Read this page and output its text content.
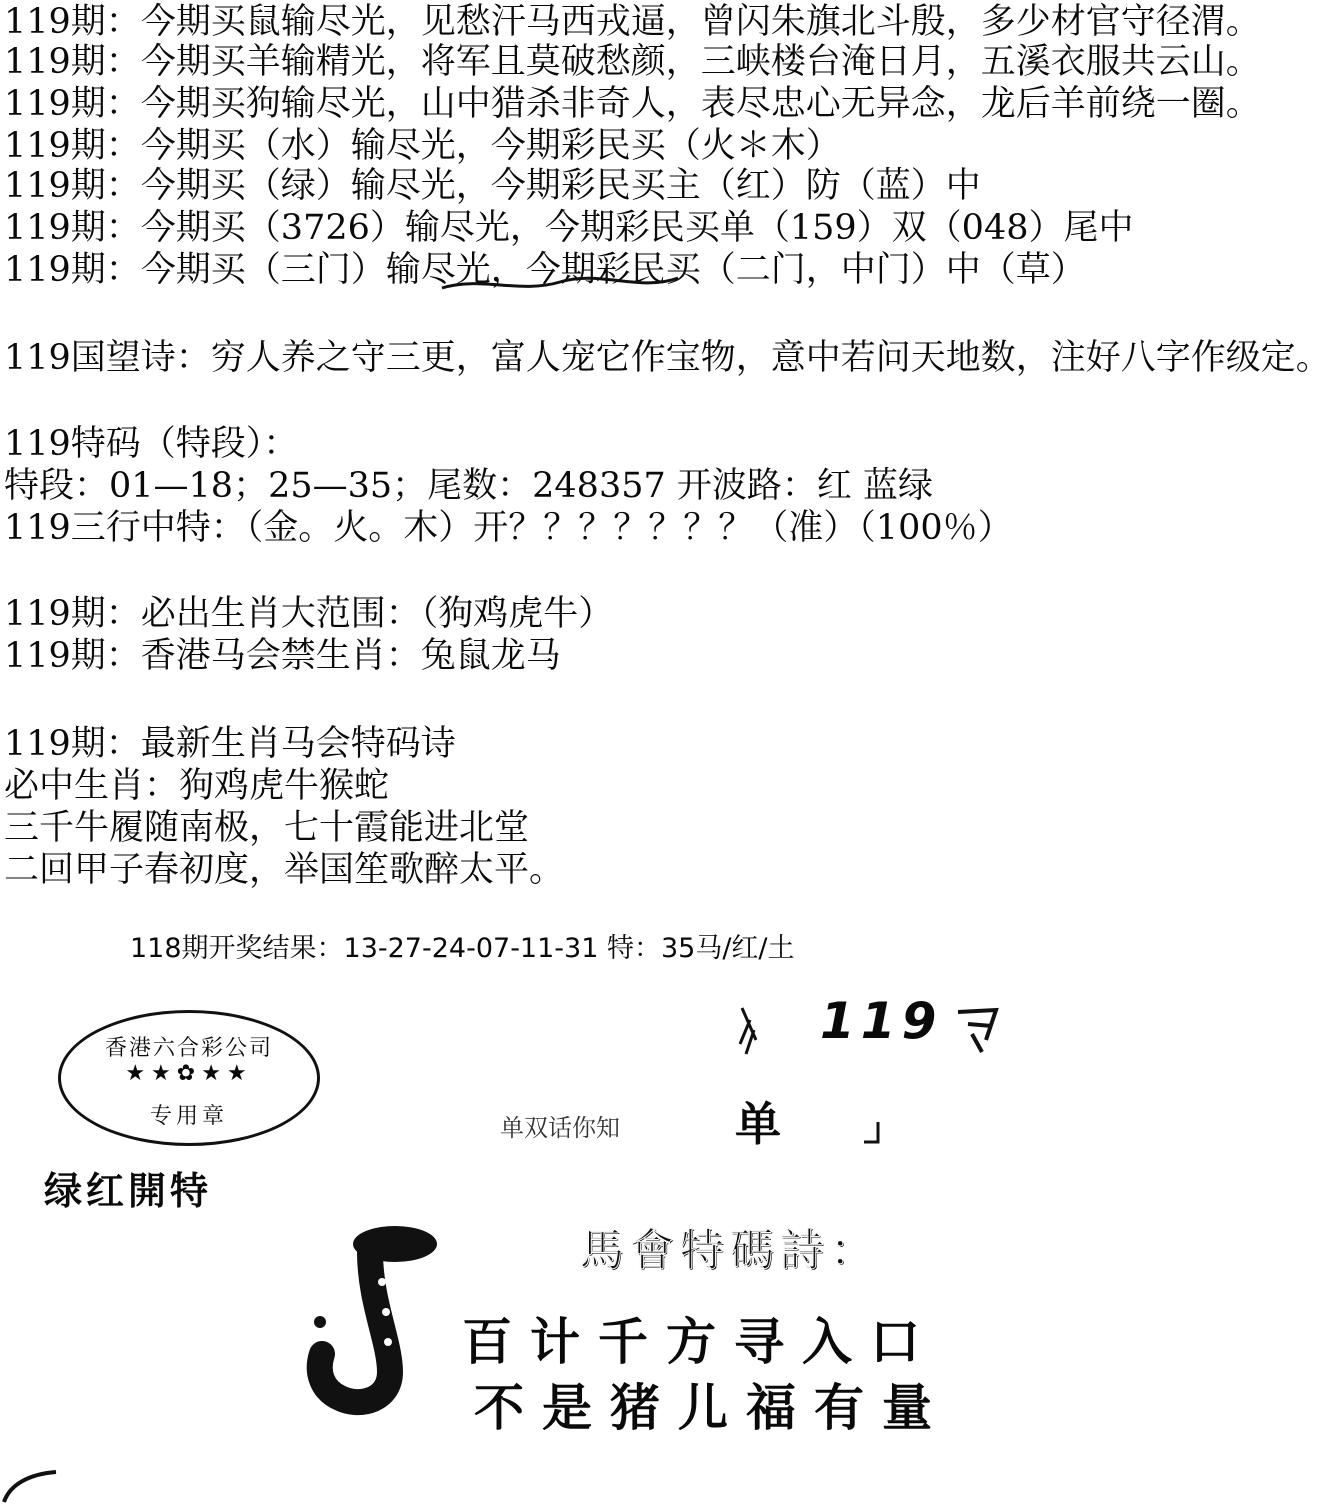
119期：今期买鼠输尽光，见愁汗马西戎逼，曾闪朱旗北斗殷，多少材官守径渭。
119期：今期买羊输精光，将军且莫破愁颜，三峡楼台淹日月，五溪衣服共云山。
119期：今期买狗输尽光，山中猎杀非奇人，表尽忠心无异念，龙后羊前绕一圈。
119期：今期买（水）输尽光，今期彩民买（火＊木）
119期：今期买（绿）输尽光，今期彩民买主（红）防（蓝）中
119期：今期买（3726）输尽光，今期彩民买单（159）双（048）尾中
119期：今期买（三门）输尽光，今期彩民买（二门，中门）中（草）
119国望诗：穷人养之守三更，富人宠它作宝物，意中若问天地数，注好八字作级定。
119特码（特段）：
特段：01—18；25—35；尾数：248357 开波路：红 蓝绿
119三行中特：（金。火。木）开？？？？？？？（准）（100％）
119期：必出生肖大范围：（狗鸡虎牛）
119期：香港马会禁生肖：兔鼠龙马
119期：最新生肖马会特码诗
必中生肖：狗鸡虎牛猴蛇
三千牛履随南极，七十霞能进北堂
二回甲子春初度，举国笙歌醉太平。
118期开奖结果：13-27-24-07-11-31 特：35马/红/土
香港六合彩公司
★★✿★★
专用章
119
单双话你知	单
绿红開特
馬會特碼詩：
百计千方寻入口
不是猪儿福有量
